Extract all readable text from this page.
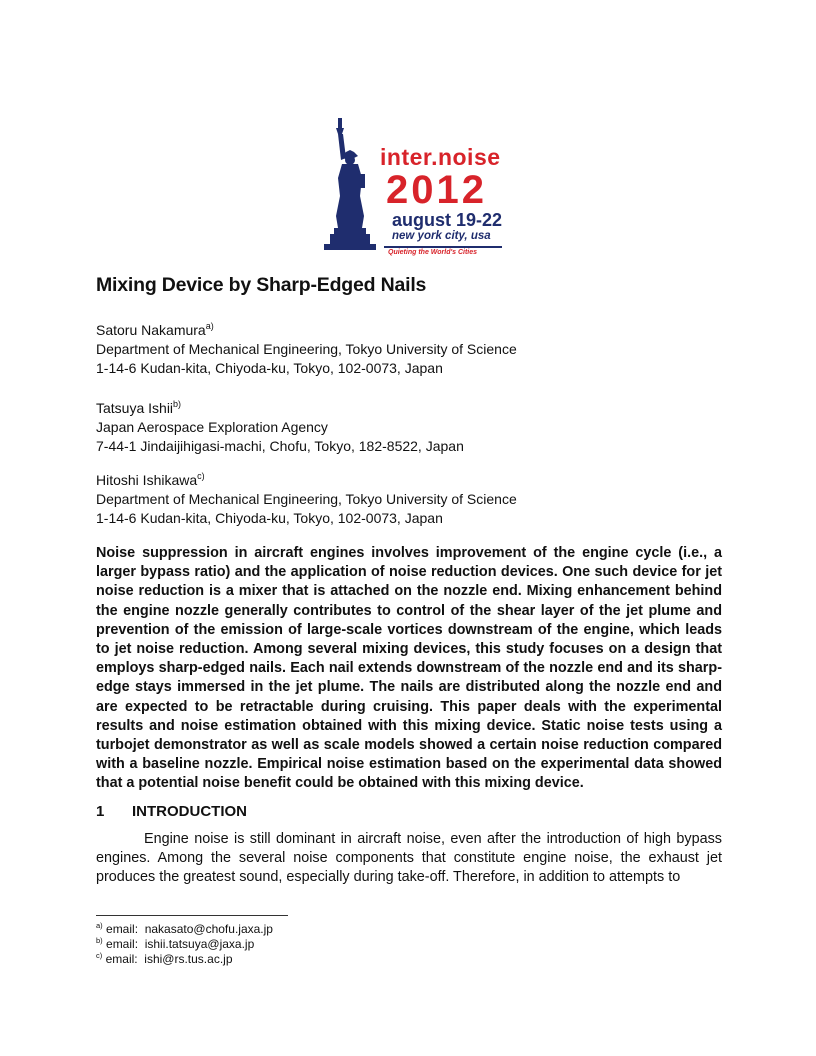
inter.noise
2012
august 19-22
new york city, usa
Quieting the World's Cities
Mixing Device by Sharp-Edged Nails

Satoru Nakamura$^{a)}$

Department of Mechanical Engineering, Tokyo University of Science

1-14-6 Kudan-kita, Chiyoda-ku, Tokyo, 102-0073, Japan

Tatsuya Ishii$^{b)}$

Japan Aerospace Exploration Agency

7-44-1 Jindaijihigasi-machi, Chofu, Tokyo, 182-8522, Japan

Hitoshi Ishikawa$^{c)}$

Department of Mechanical Engineering, Tokyo University of Science

1-14-6 Kudan-kita, Chiyoda-ku, Tokyo, 102-0073, Japan

Noise suppression in aircraft engines involves improvement of the engine cycle (i.e., a larger bypass ratio) and the application of noise reduction devices. One such device for jet noise reduction is a mixer that is attached on the nozzle end. Mixing enhancement behind the engine nozzle generally contributes to control of the shear layer of the jet plume and prevention of the emission of large-scale vortices downstream of the engine, which leads to jet noise reduction. Among several mixing devices, this study focuses on a design that employs sharp-edged nails. Each nail extends downstream of the nozzle end and its sharp-edge stays immersed in the jet plume. The nails are distributed along the nozzle end and are expected to be retractable during cruising. This paper deals with the experimental results and noise estimation obtained with this mixing device. Static noise tests using a turbojet demonstrator as well as scale models showed a certain noise reduction compared with a baseline nozzle. Empirical noise estimation based on the experimental data showed that a potential noise benefit could be obtained with this mixing device.

1 INTRODUCTION

Engine noise is still dominant in aircraft noise, even after the introduction of high bypass engines. Among the several noise components that constitute engine noise, the exhaust jet produces the greatest sound, especially during take-off. Therefore, in addition to attempts to

$^{a)}$ email: nakasato@chofu.jaxa.jp

$^{b)}$ email: ishii.tatsuya@jaxa.jp

$^{c)}$ email: ishi@rs.tus.ac.jp
